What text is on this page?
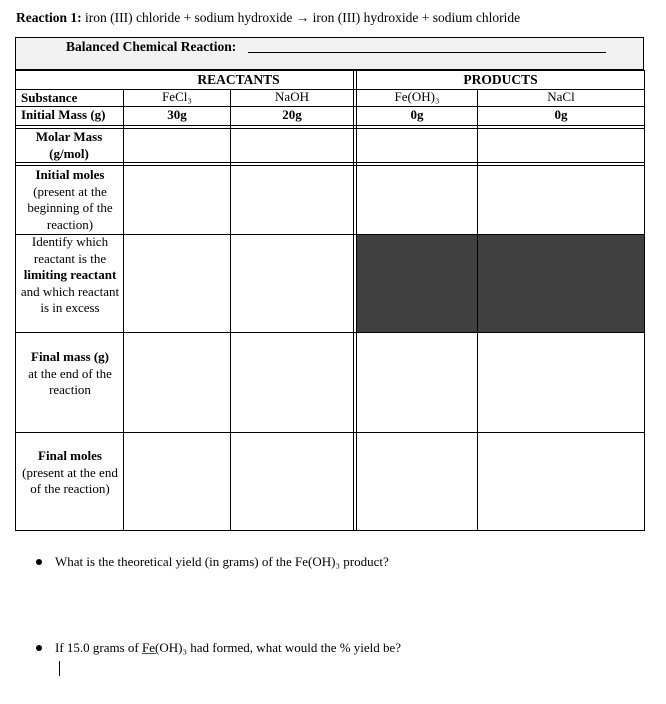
Reaction 1: iron (III) chloride + sodium hydroxide → iron (III) hydroxide + sodium chloride
Balanced Chemical Reaction:
REACTANTS	PRODUCTS
Substance	FeCl₃	NaOH	Fe(OH)₃	NaCl
Initial Mass (g)	30g	20g	0g	0g
Molar Mass (g/mol)
Initial moles
(present at the beginning of the reaction)
Identify which reactant is the limiting reactant and which reactant is in excess
Final mass (g)
at the end of the reaction
Final moles
(present at the end of the reaction)
What is the theoretical yield (in grams) of the Fe(OH)₃ product?
If 15.0 grams of Fe(OH)₃ had formed, what would the % yield be?
